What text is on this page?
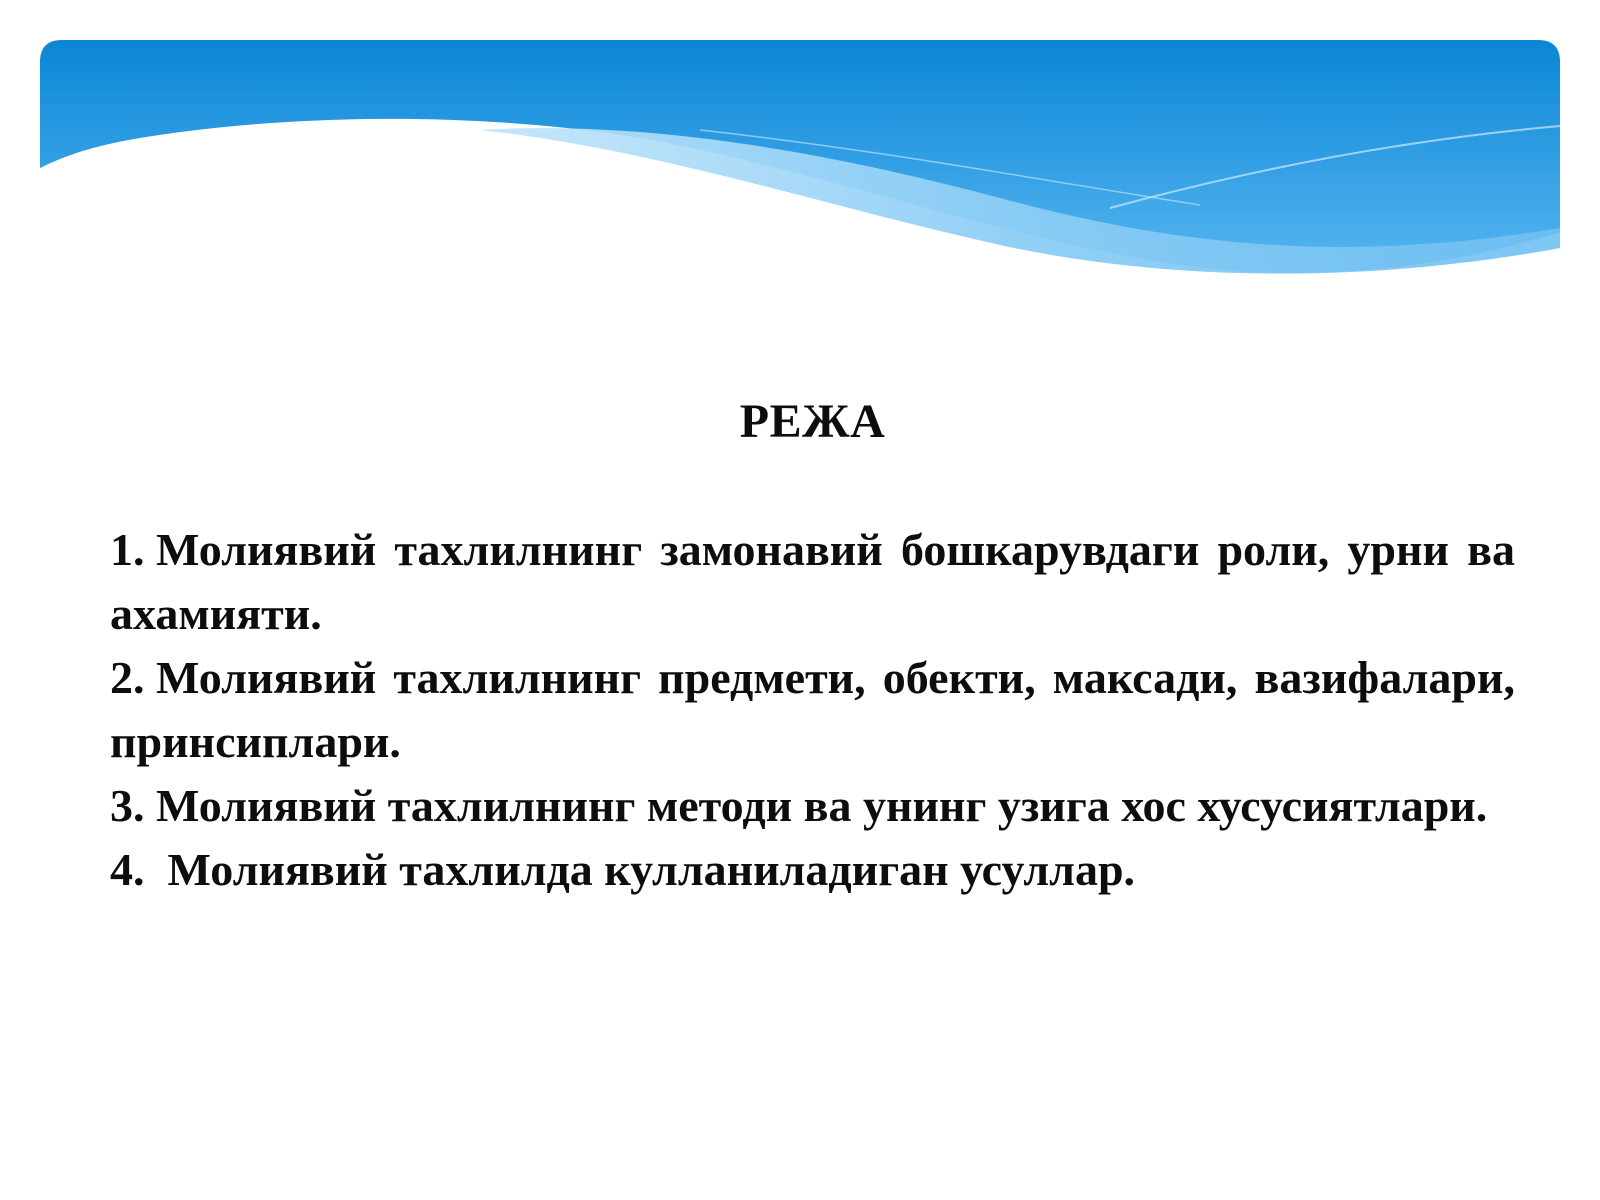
РЕЖА
1. Молиявий тахлилнинг замонавий бошкарувдаги роли, урни ва ахамияти.
2. Молиявий тахлилнинг предмети, обекти, максади, вазифалари, принсиплари.
3. Молиявий тахлилнинг методи ва унинг узига хос хусусиятлари.
4. Молиявий тахлилда кулланиладиган усуллар.
